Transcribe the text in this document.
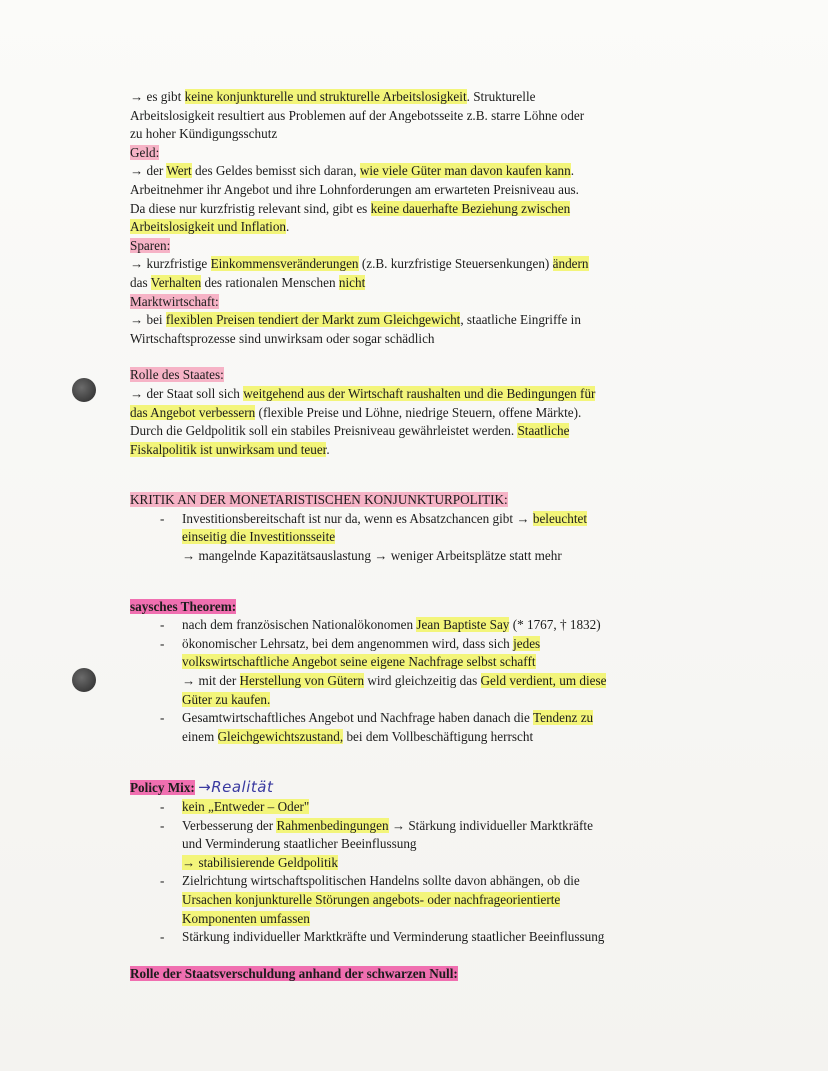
→ es gibt keine konjunkturelle und strukturelle Arbeitslosigkeit. Strukturelle
Arbeitslosigkeit resultiert aus Problemen auf der Angebotsseite z.B. starre Löhne oder
zu hoher Kündigungsschutz
Geld:
→ der Wert des Geldes bemisst sich daran, wie viele Güter man davon kaufen kann.
Arbeitnehmer ihr Angebot und ihre Lohnforderungen am erwarteten Preisniveau aus.
Da diese nur kurzfristig relevant sind, gibt es keine dauerhafte Beziehung zwischen
Arbeitslosigkeit und Inflation.
Sparen:
→ kurzfristige Einkommensveränderungen (z.B. kurzfristige Steuersenkungen) ändern
das Verhalten des rationalen Menschen nicht
Marktwirtschaft:
→ bei flexiblen Preisen tendiert der Markt zum Gleichgewicht, staatliche Eingriffe in
Wirtschaftsprozesse sind unwirksam oder sogar schädlich
Rolle des Staates:
→ der Staat soll sich weitgehend aus der Wirtschaft raushalten und die Bedingungen für
das Angebot verbessern (flexible Preise und Löhne, niedrige Steuern, offene Märkte).
Durch die Geldpolitik soll ein stabiles Preisniveau gewährleistet werden. Staatliche
Fiskalpolitik ist unwirksam und teuer.
KRITIK AN DER MONETARISTISCHEN KONJUNKTURPOLITIK:
- Investitionsbereitschaft ist nur da, wenn es Absatzchancen gibt → beleuchtet
einseitig die Investitionsseite
→ mangelnde Kapazitätsauslastung → weniger Arbeitsplätze statt mehr
saysches Theorem:
- nach dem französischen Nationalökonomen Jean Baptiste Say (* 1767, † 1832)
- ökonomischer Lehrsatz, bei dem angenommen wird, dass sich jedes
volkswirtschaftliche Angebot seine eigene Nachfrage selbst schafft
→ mit der Herstellung von Gütern wird gleichzeitig das Geld verdient, um diese
Güter zu kaufen.
- Gesamtwirtschaftliches Angebot und Nachfrage haben danach die Tendenz zu
einem Gleichgewichtszustand, bei dem Vollbeschäftigung herrscht
Policy Mix: →Realität
- kein „Entweder – Oder"
- Verbesserung der Rahmenbedingungen → Stärkung individueller Marktkräfte
und Verminderung staatlicher Beeinflussung
→ stabilisierende Geldpolitik
- Zielrichtung wirtschaftspolitischen Handelns sollte davon abhängen, ob die
Ursachen konjunkturelle Störungen angebots- oder nachfrageorientierte
Komponenten umfassen
- Stärkung individueller Marktkräfte und Verminderung staatlicher Beeinflussung
Rolle der Staatsverschuldung anhand der schwarzen Null:
